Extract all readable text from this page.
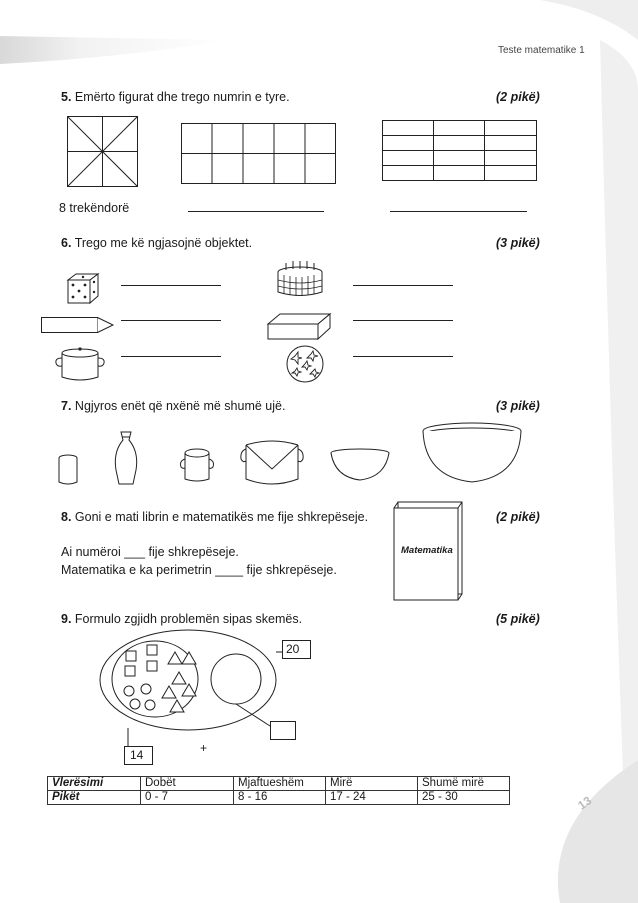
Teste matematike 1
5. Emërto figurat dhe trego numrin e tyre.	(2 pikë)
8 trekëndorë
6. Trego me kë ngjasojnë objektet.	(3 pikë)
7. Ngjyros enët që nxënë më shumë ujë.	(3 pikë)
8. Goni e mati librin e matematikës me fije shkrepëseje.	(2 pikë)
Matematika
Ai numëroi ___ fije shkrepëseje.
Matematika e ka perimetrin ____ fije shkrepëseje.
9. Formulo zgjidh problemën sipas skemës.	(5 pikë)
20
14	+
Vlerësimi	Dobët	Mjaftueshëm	Mirë	Shumë mirë
Pikët	0 - 7	8 - 16	17 - 24	25 - 30	13
